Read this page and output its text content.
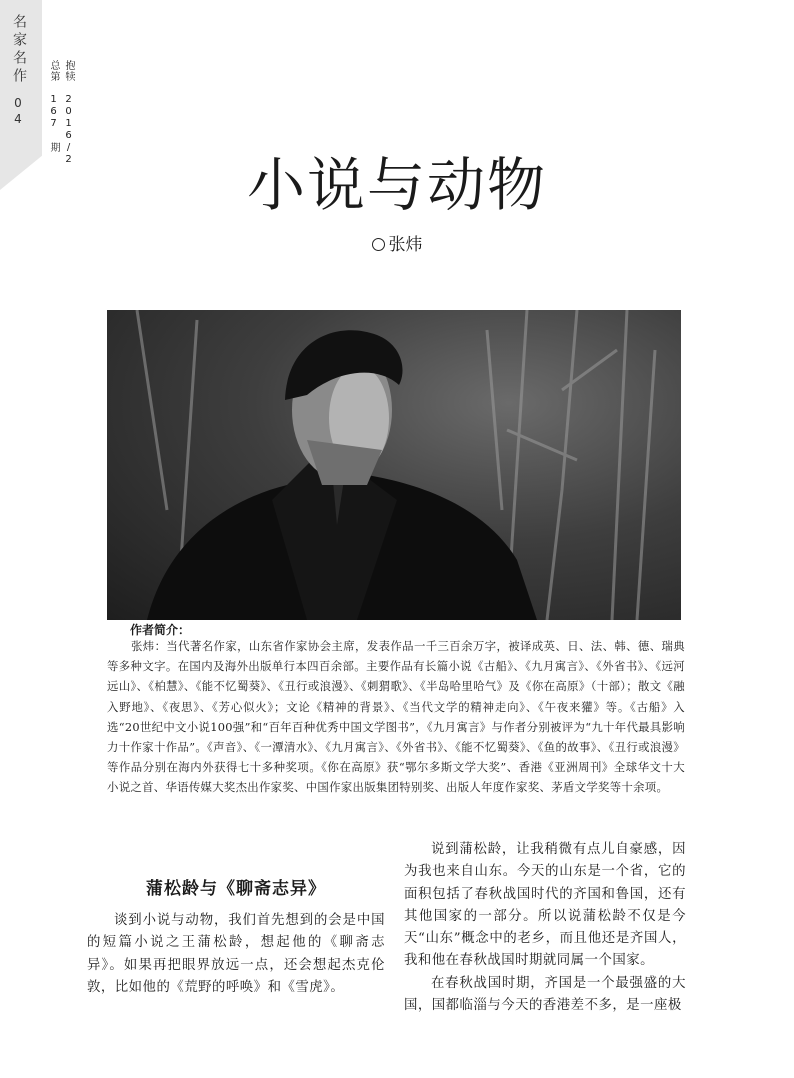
名家名作
04	抱犊 2016/2
总第 167 期
小说与动物
张炜
作者简介：

张炜：当代著名作家，山东省作家协会主席，发表作品一千三百余万字，被译成英、日、法、韩、德、瑞典等多种文字。在国内及海外出版单行本四百余部。主要作品有长篇小说《古船》、《九月寓言》、《外省书》、《远河远山》、《柏慧》、《能不忆蜀葵》、《丑行或浪漫》、《刺猬歌》、《半岛哈里哈气》及《你在高原》（十部）；散文《融入野地》、《夜思》、《芳心似火》；文论《精神的背景》、《当代文学的精神走向》、《午夜来獾》等。《古船》入选“20世纪中文小说100强”和“百年百种优秀中国文学图书”，《九月寓言》与作者分别被评为“九十年代最具影响力十作家十作品”。《声音》、《一潭清水》、《九月寓言》、《外省书》、《能不忆蜀葵》、《鱼的故事》、《丑行或浪漫》等作品分别在海内外获得七十多种奖项。《你在高原》获“鄂尔多斯文学大奖”、香港《亚洲周刊》全球华文十大小说之首、华语传媒大奖杰出作家奖、中国作家出版集团特别奖、出版人年度作家奖、茅盾文学奖等十余项。

蒲松龄与《聊斋志异》

谈到小说与动物，我们首先想到的会是中国的短篇小说之王蒲松龄，想起他的《聊斋志异》。如果再把眼界放远一点，还会想起杰克伦敦，比如他的《荒野的呼唤》和《雪虎》。

说到蒲松龄，让我稍微有点儿自豪感，因为我也来自山东。今天的山东是一个省，它的面积包括了春秋战国时代的齐国和鲁国，还有其他国家的一部分。所以说蒲松龄不仅是今天“山东”概念中的老乡，而且他还是齐国人，我和他在春秋战国时期就同属一个国家。

在春秋战国时期，齐国是一个最强盛的大国，国都临淄与今天的香港差不多，是一座极
